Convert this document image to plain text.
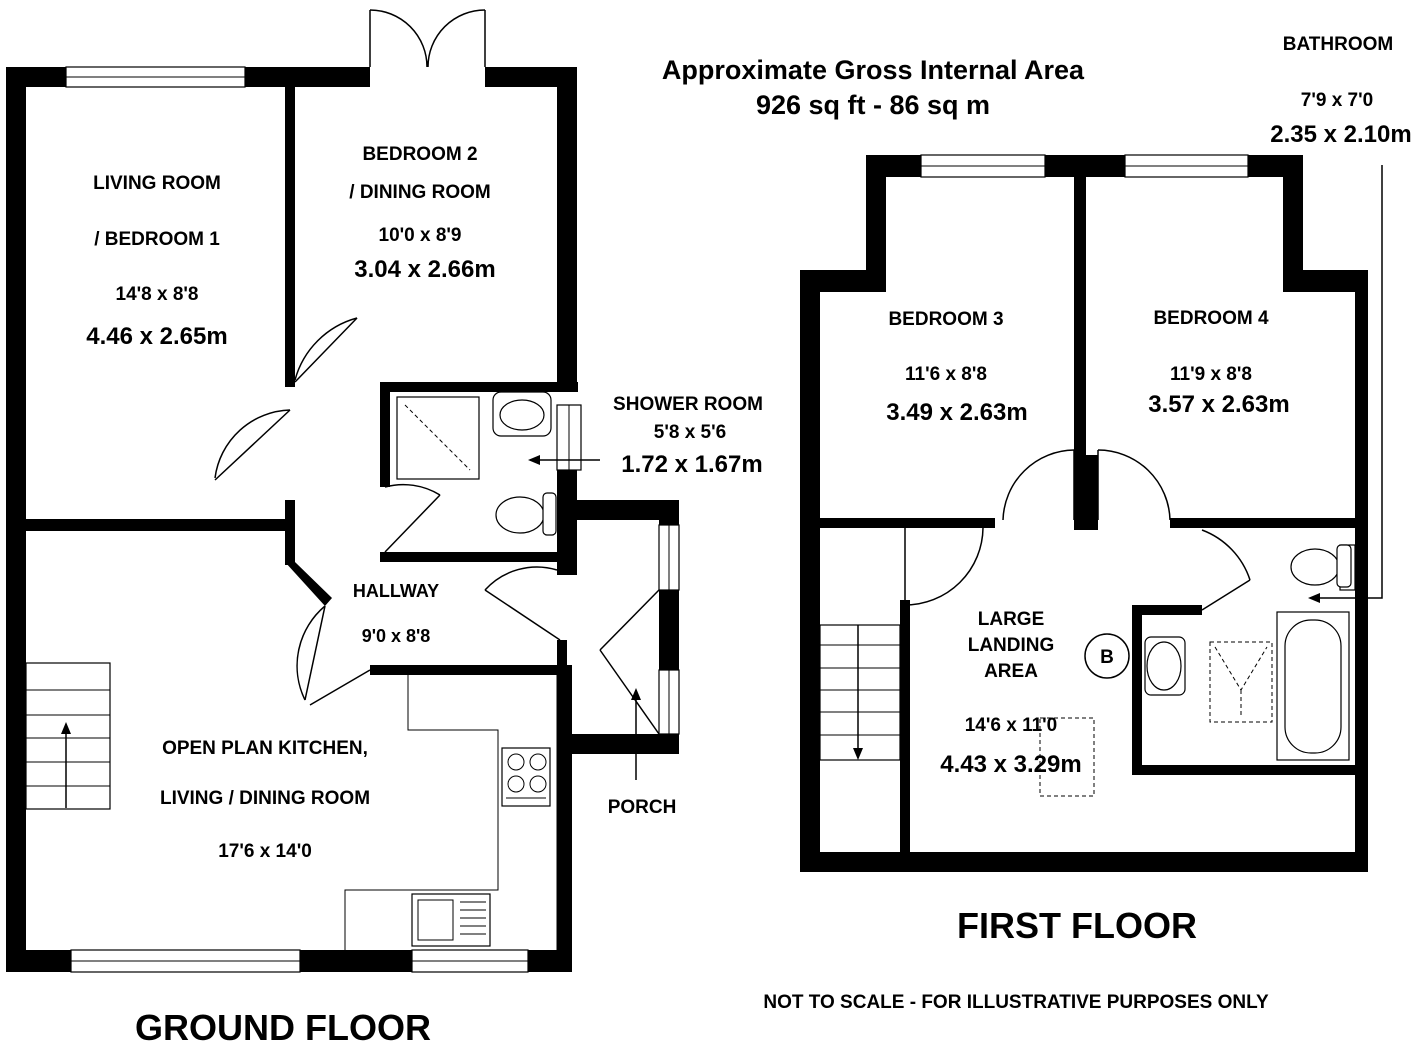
Approximate Gross Internal Area
926 sq ft - 86 sq m
LIVING ROOM
/ BEDROOM 1
14'8 x 8'8
4.46 x 2.65m
BEDROOM 2
/ DINING ROOM
10'0 x 8'9
3.04 x 2.66m
SHOWER ROOM
5'8 x 5'6
1.72 x 1.67m
HALLWAY
9'0 x 8'8
OPEN PLAN KITCHEN,
LIVING / DINING ROOM
17'6 x 14'0
PORCH
GROUND FLOOR
BEDROOM 3
11'6 x 8'8
3.49 x 2.63m
BEDROOM 4
11'9 x 8'8
3.57 x 2.63m
LARGE
LANDING
AREA
14'6 x 11'0
4.43 x 3.29m
B
BATHROOM
7'9 x 7'0
2.35 x 2.10m
FIRST FLOOR
NOT TO SCALE - FOR ILLUSTRATIVE PURPOSES ONLY
